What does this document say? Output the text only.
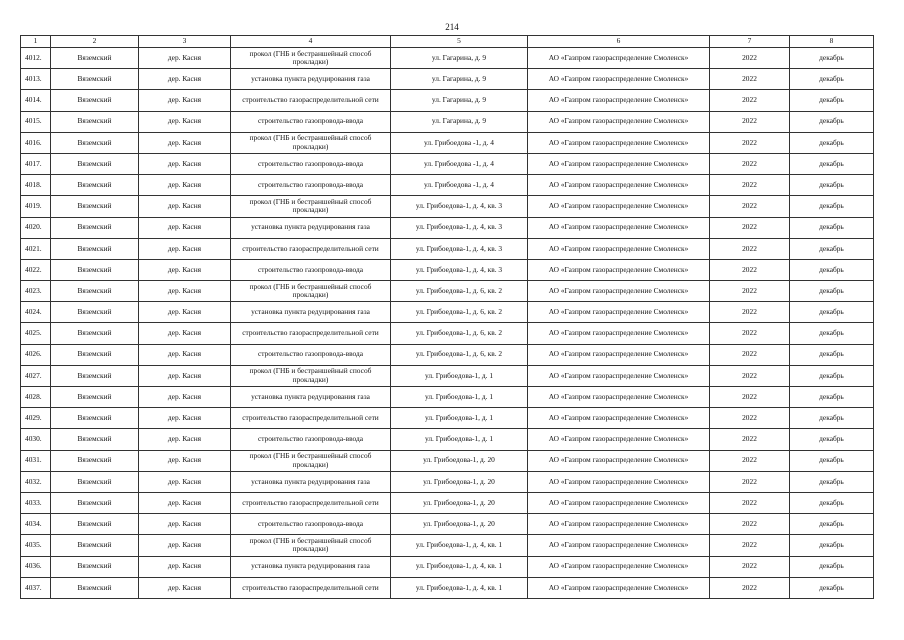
214
1	2	3	4	5	6	7	8
4012.	Вяземский	дер. Касня	прокол (ГНБ и бестраншейный способ прокладки)	ул. Гагарина, д. 9	АО «Газпром газораспределение Смоленск»	2022	декабрь
4013.	Вяземский	дер. Касня	установка пункта редуцирования газа	ул. Гагарина, д. 9	АО «Газпром газораспределение Смоленск»	2022	декабрь
4014.	Вяземский	дер. Касня	строительство газораспределительной сети	ул. Гагарина, д. 9	АО «Газпром газораспределение Смоленск»	2022	декабрь
4015.	Вяземский	дер. Касня	строительство газопровода-ввода	ул. Гагарина, д. 9	АО «Газпром газораспределение Смоленск»	2022	декабрь
4016.	Вяземский	дер. Касня	прокол (ГНБ и бестраншейный способ прокладки)	ул. Грибоедова -1, д. 4	АО «Газпром газораспределение Смоленск»	2022	декабрь
4017.	Вяземский	дер. Касня	строительство газопровода-ввода	ул. Грибоедова -1, д. 4	АО «Газпром газораспределение Смоленск»	2022	декабрь
4018.	Вяземский	дер. Касня	строительство газопровода-ввода	ул. Грибоедова -1, д. 4	АО «Газпром газораспределение Смоленск»	2022	декабрь
4019.	Вяземский	дер. Касня	прокол (ГНБ и бестраншейный способ прокладки)	ул. Грибоедова-1, д. 4, кв. 3	АО «Газпром газораспределение Смоленск»	2022	декабрь
4020.	Вяземский	дер. Касня	установка пункта редуцирования газа	ул. Грибоедова-1, д. 4, кв. 3	АО «Газпром газораспределение Смоленск»	2022	декабрь
4021.	Вяземский	дер. Касня	строительство газораспределительной сети	ул. Грибоедова-1, д. 4, кв. 3	АО «Газпром газораспределение Смоленск»	2022	декабрь
4022.	Вяземский	дер. Касня	строительство газопровода-ввода	ул. Грибоедова-1, д. 4, кв. 3	АО «Газпром газораспределение Смоленск»	2022	декабрь
4023.	Вяземский	дер. Касня	прокол (ГНБ и бестраншейный способ прокладки)	ул. Грибоедова-1, д. 6, кв. 2	АО «Газпром газораспределение Смоленск»	2022	декабрь
4024.	Вяземский	дер. Касня	установка пункта редуцирования газа	ул. Грибоедова-1, д. 6, кв. 2	АО «Газпром газораспределение Смоленск»	2022	декабрь
4025.	Вяземский	дер. Касня	строительство газораспределительной сети	ул. Грибоедова-1, д. 6, кв. 2	АО «Газпром газораспределение Смоленск»	2022	декабрь
4026.	Вяземский	дер. Касня	строительство газопровода-ввода	ул. Грибоедова-1, д. 6, кв. 2	АО «Газпром газораспределение Смоленск»	2022	декабрь
4027.	Вяземский	дер. Касня	прокол (ГНБ и бестраншейный способ прокладки)	ул. Грибоедова-1, д. 1	АО «Газпром газораспределение Смоленск»	2022	декабрь
4028.	Вяземский	дер. Касня	установка пункта редуцирования газа	ул. Грибоедова-1, д. 1	АО «Газпром газораспределение Смоленск»	2022	декабрь
4029.	Вяземский	дер. Касня	строительство газораспределительной сети	ул. Грибоедова-1, д. 1	АО «Газпром газораспределение Смоленск»	2022	декабрь
4030.	Вяземский	дер. Касня	строительство газопровода-ввода	ул. Грибоедова-1, д. 1	АО «Газпром газораспределение Смоленск»	2022	декабрь
4031.	Вяземский	дер. Касня	прокол (ГНБ и бестраншейный способ прокладки)	ул. Грибоедова-1, д. 20	АО «Газпром газораспределение Смоленск»	2022	декабрь
4032.	Вяземский	дер. Касня	установка пункта редуцирования газа	ул. Грибоедова-1, д. 20	АО «Газпром газораспределение Смоленск»	2022	декабрь
4033.	Вяземский	дер. Касня	строительство газораспределительной сети	ул. Грибоедова-1, д. 20	АО «Газпром газораспределение Смоленск»	2022	декабрь
4034.	Вяземский	дер. Касня	строительство газопровода-ввода	ул. Грибоедова-1, д. 20	АО «Газпром газораспределение Смоленск»	2022	декабрь
4035.	Вяземский	дер. Касня	прокол (ГНБ и бестраншейный способ прокладки)	ул. Грибоедова-1, д. 4, кв. 1	АО «Газпром газораспределение Смоленск»	2022	декабрь
4036.	Вяземский	дер. Касня	установка пункта редуцирования газа	ул. Грибоедова-1, д. 4, кв. 1	АО «Газпром газораспределение Смоленск»	2022	декабрь
4037.	Вяземский	дер. Касня	строительство газораспределительной сети	ул. Грибоедова-1, д. 4, кв. 1	АО «Газпром газораспределение Смоленск»	2022	декабрь
